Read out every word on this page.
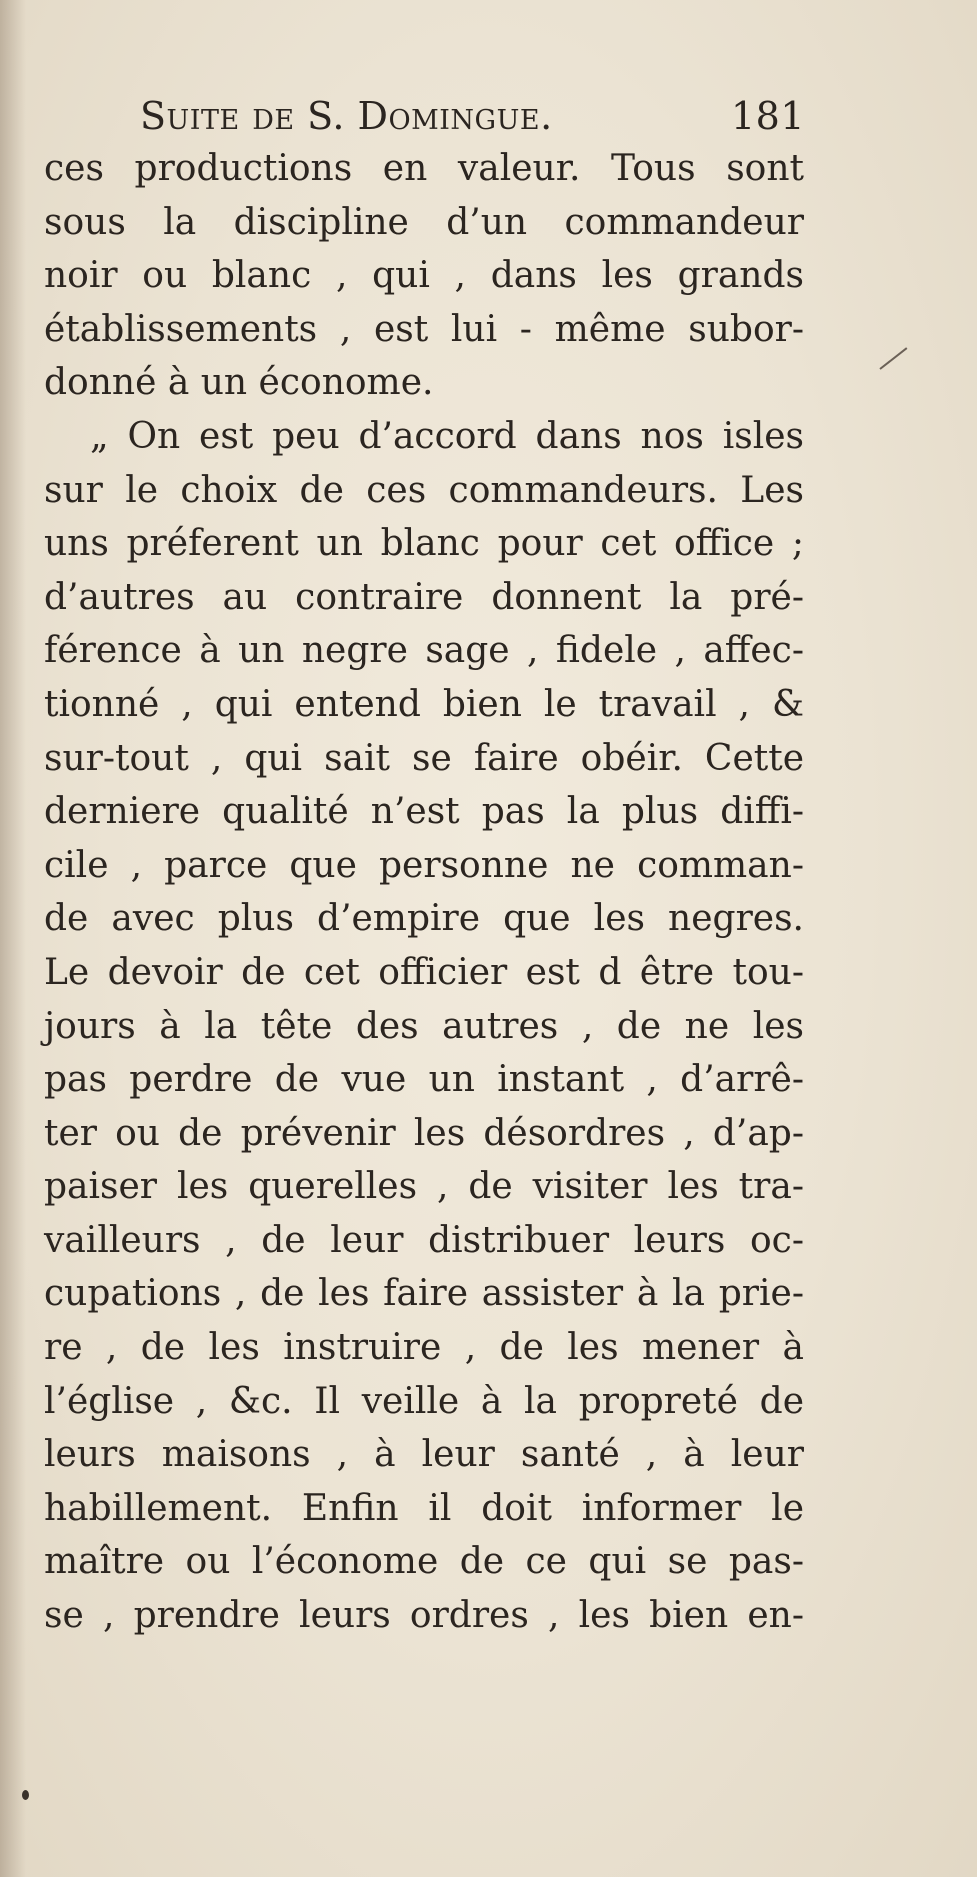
Suite de S. Domingue.	181
ces productions en valeur. Tous sont
sous la discipline d’un commandeur
noir ou blanc , qui , dans les grands
établissements , est lui - même subor-
donné à un économe.
„ On est peu d’accord dans nos isles
sur le choix de ces commandeurs. Les
uns préferent un blanc pour cet office ;
d’autres au contraire donnent la pré-
férence à un negre sage , fidele , affec-
tionné , qui entend bien le travail , &
sur-tout , qui sait se faire obéir. Cette
derniere qualité n’est pas la plus diffi-
cile , parce que personne ne comman-
de avec plus d’empire que les negres.
Le devoir de cet officier est d être tou-
jours à la tête des autres , de ne les
pas perdre de vue un instant , d’arrê-
ter ou de prévenir les désordres , d’ap-
paiser les querelles , de visiter les tra-
vailleurs , de leur distribuer leurs oc-
cupations , de les faire assister à la prie-
re , de les instruire , de les mener à
l’église , &c. Il veille à la propreté de
leurs maisons , à leur santé , à leur
habillement. Enfin il doit informer le
maître ou l’économe de ce qui se pas-
se , prendre leurs ordres , les bien en-
